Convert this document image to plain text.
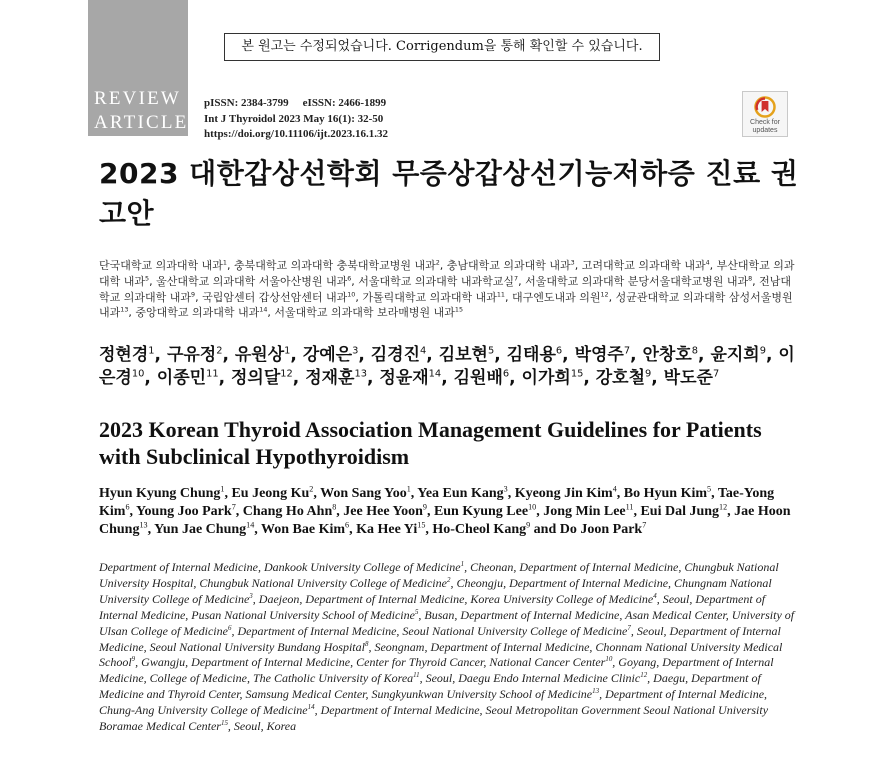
REVIEW
ARTICLE
본 원고는 수정되었습니다. Corrigendum을 통해 확인할 수 있습니다.
pISSN: 2384-3799 eISSN: 2466-1899
Int J Thyroidol 2023 May 16(1): 32-50
https://doi.org/10.11106/ijt.2023.16.1.32
Check for updates
2023 대한갑상선학회 무증상갑상선기능저하증 진료 권고안
단국대학교 의과대학 내과$^1$, 충북대학교 의과대학 충북대학교병원 내과$^2$, 충남대학교 의과대학 내과$^3$, 고려대학교 의과대학 내과$^4$, 부산대학교 의과대학 내과$^5$, 울산대학교 의과대학 서울아산병원 내과$^6$, 서울대학교 의과대학 내과학교실$^7$, 서울대학교 의과대학 분당서울대학교병원 내과$^8$, 전남대학교 의과대학 내과$^9$, 국립암센터 갑상선암센터 내과$^{10}$, 가톨릭대학교 의과대학 내과$^{11}$, 대구엔도내과 의원$^{12}$, 성균관대학교 의과대학 삼성서울병원 내과$^{13}$, 중앙대학교 의과대학 내과$^{14}$, 서울대학교 의과대학 보라매병원 내과$^{15}$
정현경$^1$, 구유정$^2$, 유원상$^1$, 강예은$^3$, 김경진$^4$, 김보현$^5$, 김태용$^6$, 박영주$^7$, 안창호$^8$, 윤지희$^9$, 이은경$^{10}$, 이종민$^{11}$, 정의달$^{12}$, 정재훈$^{13}$, 정윤재$^{14}$, 김원배$^6$, 이가희$^{15}$, 강호철$^9$, 박도준$^7$
2023 Korean Thyroid Association Management Guidelines for Patients with Subclinical Hypothyroidism
Hyun Kyung Chung$^1$, Eu Jeong Ku$^2$, Won Sang Yoo$^1$, Yea Eun Kang$^3$, Kyeong Jin Kim$^4$, Bo Hyun Kim$^5$, Tae-Yong Kim$^6$, Young Joo Park$^7$, Chang Ho Ahn$^8$, Jee Hee Yoon$^9$, Eun Kyung Lee$^{10}$, Jong Min Lee$^{11}$, Eui Dal Jung$^{12}$, Jae Hoon Chung$^{13}$, Yun Jae Chung$^{14}$, Won Bae Kim$^6$, Ka Hee Yi$^{15}$, Ho-Cheol Kang$^9$ and Do Joon Park$^7$
Department of Internal Medicine, Dankook University College of Medicine$^1$, Cheonan, Department of Internal Medicine, Chungbuk National University Hospital, Chungbuk National University College of Medicine$^2$, Cheongju, Department of Internal Medicine, Chungnam National University College of Medicine$^3$, Daejeon, Department of Internal Medicine, Korea University College of Medicine$^4$, Seoul, Department of Internal Medicine, Pusan National University School of Medicine$^5$, Busan, Department of Internal Medicine, Asan Medical Center, University of Ulsan College of Medicine$^6$, Department of Internal Medicine, Seoul National University College of Medicine$^7$, Seoul, Department of Internal Medicine, Seoul National University Bundang Hospital$^8$, Seongnam, Department of Internal Medicine, Chonnam National University Medical School$^9$, Gwangju, Department of Internal Medicine, Center for Thyroid Cancer, National Cancer Center$^{10}$, Goyang, Department of Internal Medicine, College of Medicine, The Catholic University of Korea$^{11}$, Seoul, Daegu Endo Internal Medicine Clinic$^{12}$, Daegu, Department of Medicine and Thyroid Center, Samsung Medical Center, Sungkyunkwan University School of Medicine$^{13}$, Department of Internal Medicine, Chung-Ang University College of Medicine$^{14}$, Department of Internal Medicine, Seoul Metropolitan Government Seoul National University Boramae Medical Center$^{15}$, Seoul, Korea
